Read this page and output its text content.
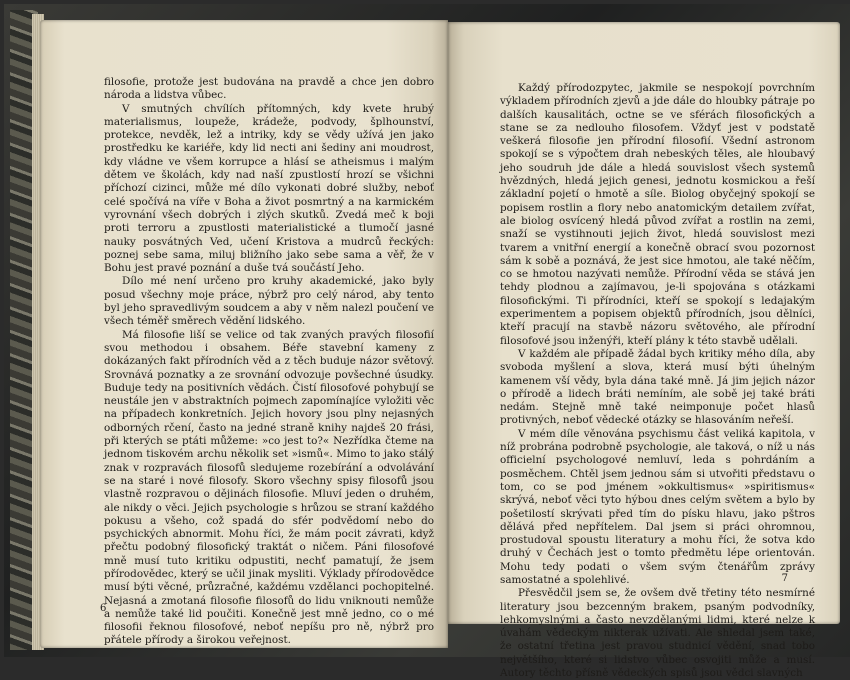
filosofie, protože jest budována na pravdě a chce jen dobro národa a lidstva vůbec.

V smutných chvílích přítomných, kdy kvete hrubý materialismus, loupeže, krádeže, podvody, šplhounství, protekce, nevděk, lež a intriky, kdy se vědy užívá jen jako prostředku ke kariéře, kdy lid necti ani šediny ani moudrost, kdy vládne ve všem korrupce a hlásí se atheismus i malým dětem ve školách, kdy nad naší zpustlostí hrozí se všichni příchozí cizinci, může mé dílo vykonati dobré služby, neboť celé spočívá na víře v Boha a život posmrtný a na karmickém vyrovnání všech dobrých i zlých skutků. Zvedá meč k boji proti terroru a zpustlosti materialistické a tlumočí jasné nauky posvátných Ved, učení Kristova a mudrců řeckých: poznej sebe sama, miluj bližního jako sebe sama a věř, že v Bohu jest pravé poznání a duše tvá součástí Jeho.

Dílo mé není určeno pro kruhy akademické, jako byly posud všechny moje práce, nýbrž pro celý národ, aby tento byl jeho spravedlivým soudcem a aby v něm nalezl poučení ve všech téměř směrech vědění lidského.

Má filosofie liší se velice od tak zvaných pravých filosofií svou methodou i obsahem. Béře stavební kameny z dokázaných fakt přírodních věd a z těch buduje názor světový. Srovnává poznatky a ze srovnání odvozuje povšechné úsudky. Buduje tedy na positivních vědách. Čistí filosofové pohybují se neustále jen v abstraktních pojmech zapomínajíce vyložiti věc na případech konkretních. Jejich hovory jsou plny nejasných odborných rčení, často na jedné straně knihy najdeš 20 frási, při kterých se ptáti můžeme: »co jest to?« Nezřídka čteme na jednom tiskovém archu několik set »ismů«. Mimo to jako stálý znak v rozpravách filosofů sledujeme rozebírání a odvolávání se na staré i nové filosofy. Skoro všechny spisy filosofů jsou vlastně rozpravou o dějinách filosofie. Mluví jeden o druhém, ale nikdy o věci. Jejich psychologie s hrůzou se straní každého pokusu a všeho, což spadá do sfér podvědomí nebo do psychických abnormit. Mohu říci, že mám pocit závrati, když přečtu podobný filosofický traktát o ničem. Páni filosofové mně musí tuto kritiku odpustiti, nechť pamatují, že jsem přírodovědec, který se učil jinak mysliti. Výklady přírodovědce musí býti věcné, průzračné, každému vzdělanci pochopitelné. Nejasná a zmotaná filosofie filosofů do lidu vniknouti nemůže a nemůže také lid poučiti. Konečně jest mně jedno, co o mé filosofii řeknou filosofové, neboť nepíšu pro ně, nýbrž pro přátele přírody a širokou veřejnost.

6

Každý přírodozpytec, jakmile se nespokojí povrchním výkladem přírodních zjevů a jde dále do hloubky pátraje po dalších kausalitách, octne se ve sférách filosofických a stane se za nedlouho filosofem. Vždyť jest v podstatě veškerá filosofie jen přírodní filosofií. Všední astronom spokojí se s výpočtem drah nebeských těles, ale hloubavý jeho soudruh jde dále a hledá souvislost všech systemů hvězdných, hledá jejich genesi, jednotu kosmickou a řeší základní pojetí o hmotě a síle. Biolog obyčejný spokojí se popisem rostlin a flory nebo anatomickým detailem zvířat, ale biolog osvícený hledá původ zvířat a rostlin na zemi, snaží se vystihnouti jejich život, hledá souvislost mezi tvarem a vnitřní energií a konečně obrací svou pozornost sám k sobě a poznává, že jest sice hmotou, ale také něčím, co se hmotou nazývati nemůže. Přírodní věda se stává jen tehdy plodnou a zajímavou, je-li spojována s otázkami filosofickými. Ti přírodníci, kteří se spokojí s ledajakým experimentem a popisem objektů přírodních, jsou dělníci, kteří pracují na stavbě názoru světového, ale přírodní filosofové jsou inženýři, kteří plány k této stavbě udělali.

V každém ale případě žádal bych kritiky mého díla, aby svoboda myšlení a slova, která musí býti úhelným kamenem vší vědy, byla dána také mně. Já jim jejich názor o přírodě a lidech bráti nemíním, ale sobě jej také bráti nedám. Stejně mně také neimponuje počet hlasů protivných, neboť vědecké otázky se hlasováním neřeší.

V mém díle věnována psychismu část veliká kapitola, v níž probrána podrobně psychologie, ale taková, o níž u nás officielní psychologové nemluví, leda s pohrdáním a posměchem. Chtěl jsem jednou sám si utvořiti představu o tom, co se pod jménem »okkultismus« »spiritismus« skrývá, neboť věci tyto hýbou dnes celým světem a bylo by pošetilostí skrývati před tím do písku hlavu, jako pštros dělává před nepřítelem. Dal jsem si práci ohromnou, prostudoval spoustu literatury a mohu říci, že sotva kdo druhý v Čechách jest o tomto předmětu lépe orientován. Mohu tedy podati o všem svým čtenářům zprávy samostatné a spolehlivé.

Přesvědčil jsem se, že ovšem dvě třetiny této nesmírné literatury jsou bezcenným brakem, psaným podvodníky, lehkomyslnými a často nevzdělanými lidmi, které nelze k úvahám vědeckým nikterak užívati. Ale shledal jsem také, že ostatní třetina jest pravou studnicí vědění, snad tobo největšího, které si lidstvo vůbec osvojiti může a musí. Autory těchto přísně vědeckých spisů jsou vědci slavných

7
